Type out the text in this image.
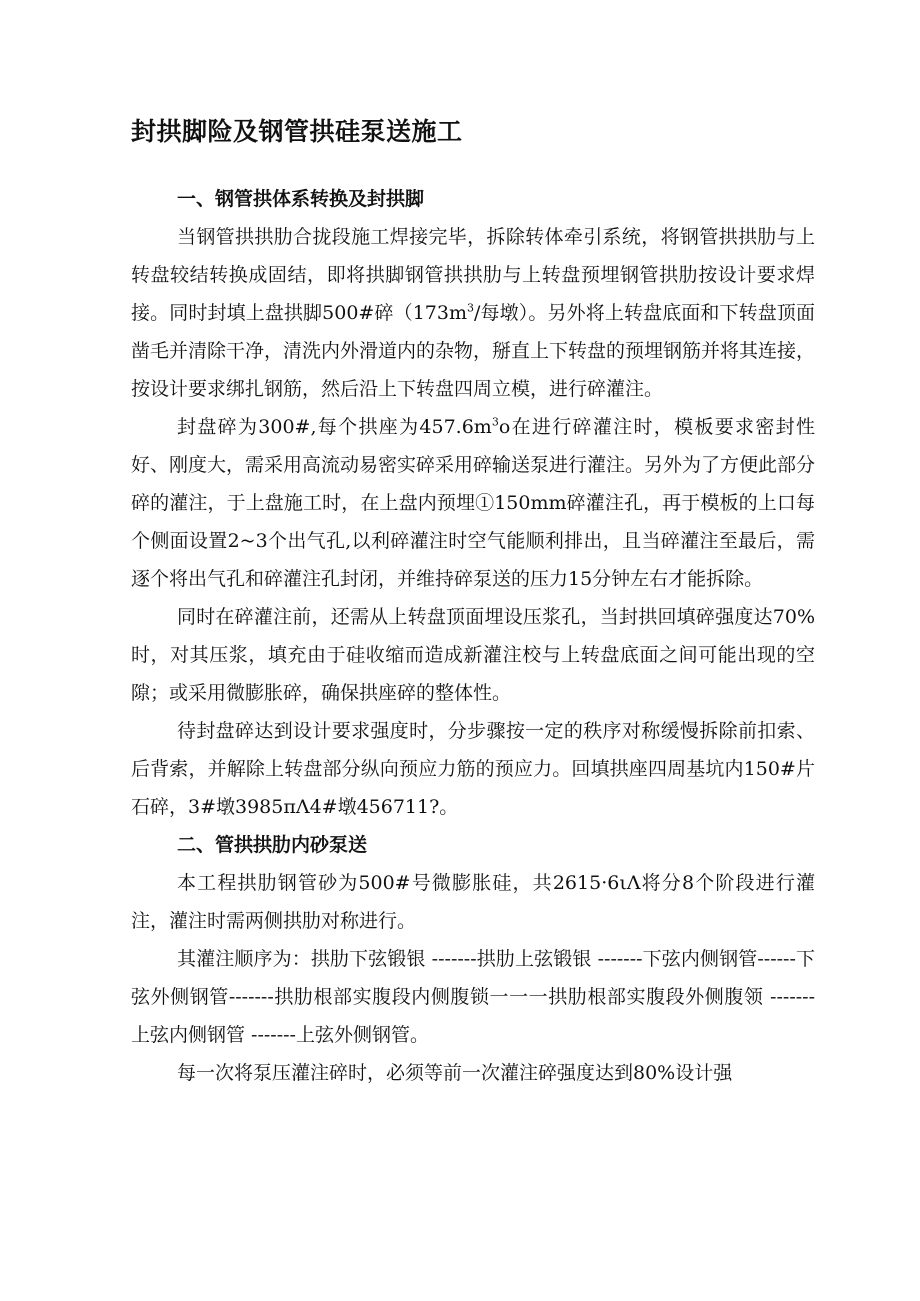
封拱脚险及钢管拱硅泵送施工
一、钢管拱体系转换及封拱脚

当钢管拱拱肋合拢段施工焊接完毕，拆除转体牵引系统，将钢管拱拱肋与上转盘较结转换成固结，即将拱脚钢管拱拱肋与上转盘预埋钢管拱肋按设计要求焊接。同时封填上盘拱脚500#碎（$173m^3/$每墩）。另外将上转盘底面和下转盘顶面凿毛并清除干净，清洗内外滑道内的杂物，掰直上下转盘的预埋钢筋并将其连接，按设计要求绑扎钢筋，然后沿上下转盘四周立模，进行碎灌注。

封盘碎为300#,每个拱座为$457.6m^3o$在进行碎灌注时，模板要求密封性好、刚度大，需采用高流动易密实碎采用碎输送泵进行灌注。另外为了方便此部分碎的灌注，于上盘施工时，在上盘内预埋①150mm碎灌注孔，再于模板的上口每个侧面设置2~3个出气孔,以利碎灌注时空气能顺利排出，且当碎灌注至最后，需逐个将出气孔和碎灌注孔封闭，并维持碎泵送的压力15分钟左右才能拆除。

同时在碎灌注前，还需从上转盘顶面埋设压浆孔，当封拱回填碎强度达70%时，对其压浆，填充由于硅收缩而造成新灌注校与上转盘底面之间可能出现的空隙；或采用微膨胀碎，确保拱座碎的整体性。

待封盘碎达到设计要求强度时，分步骤按一定的秩序对称缓慢拆除前扣索、后背索，并解除上转盘部分纵向预应力筋的预应力。回填拱座四周基坑内150#片石碎，3#墩3985πΛ4#墩456711?。

二、管拱拱肋内砂泵送

本工程拱肋钢管砂为500#号微膨胀硅，共2615·6ιΛ将分8个阶段进行灌注，灌注时需两侧拱肋对称进行。

其灌注顺序为：拱肋下弦锻银 -------拱肋上弦锻银 -------下弦内侧钢管------下弦外侧钢管-------拱肋根部实腹段内侧腹锁一一一拱肋根部实腹段外侧腹领 -------上弦内侧钢管 -------上弦外侧钢管。

每一次将泵压灌注碎时，必须等前一次灌注碎强度达到80%设计强
